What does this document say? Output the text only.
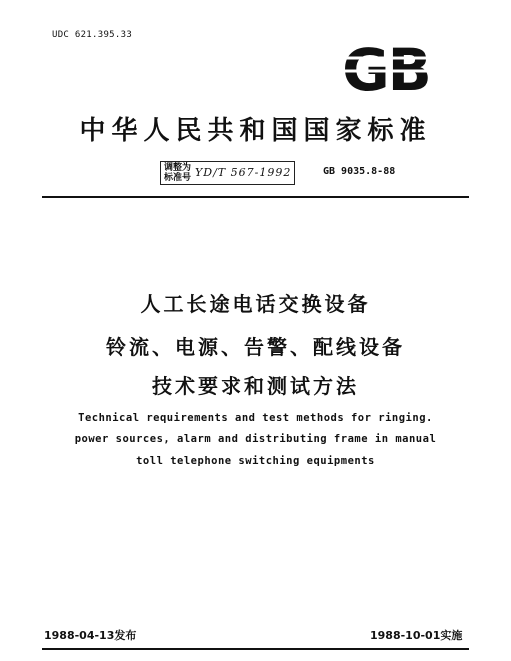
UDC 621.395.33
GB
中华人民共和国国家标准
调整为
标准号 YD/T 567-1992	GB 9035.8-88
人工长途电话交换设备
铃流、电源、告警、配线设备
技术要求和测试方法
Technical requirements and test methods for ringing.
power sources, alarm and distributing frame in manual
toll telephone switching equipments
1988-04-13发布	1988-10-01实施
